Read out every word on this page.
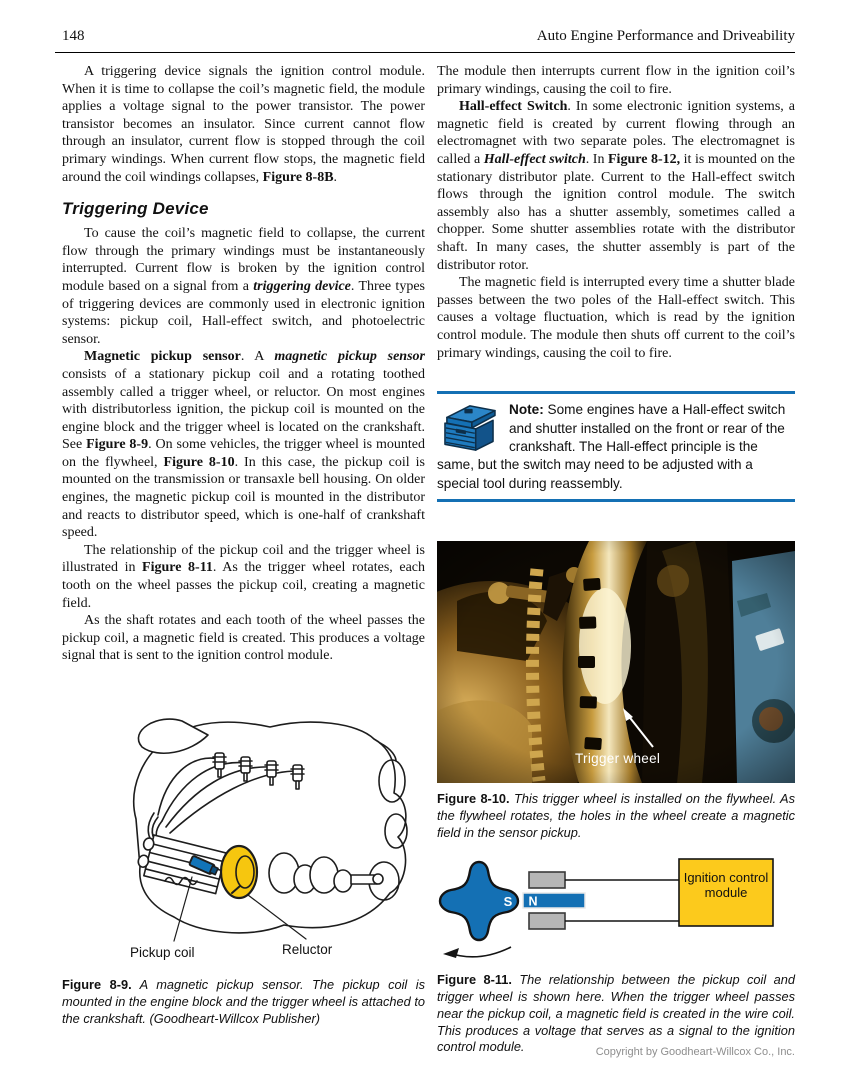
148	Auto Engine Performance and Driveability

A triggering device signals the ignition control module. When it is time to collapse the coil’s magnetic field, the module applies a voltage signal to the power transistor. The power transistor becomes an insulator. Since current cannot flow through an insulator, current flow is stopped through the coil primary windings. When current flow stops, the magnetic field around the coil windings collapses, Figure 8-8B.

Triggering Device

To cause the coil’s magnetic field to collapse, the current flow through the primary windings must be instantaneously interrupted. Current flow is broken by the ignition control module based on a signal from a triggering device. Three types of triggering devices are commonly used in electronic ignition systems: pickup coil, Hall-effect switch, and photoelectric sensor.

Magnetic pickup sensor. A magnetic pickup sensor consists of a stationary pickup coil and a rotating toothed assembly called a trigger wheel, or reluctor. On most engines with distributorless ignition, the pickup coil is mounted on the engine block and the trigger wheel is located on the crankshaft. See Figure 8-9. On some vehicles, the trigger wheel is mounted on the flywheel, Figure 8-10. In this case, the pickup coil is mounted on the transmission or transaxle bell housing. On older engines, the magnetic pickup coil is mounted in the distributor and reacts to distributor speed, which is one-half of crankshaft speed.

The relationship of the pickup coil and the trigger wheel is illustrated in Figure 8-11. As the trigger wheel rotates, each tooth on the wheel passes the pickup coil, creating a magnetic field.

As the shaft rotates and each tooth of the wheel passes the pickup coil, a magnetic field is created. This produces a voltage signal that is sent to the ignition control module.

Pickup coil	Reluctor
Figure 8-9. A magnetic pickup sensor. The pickup coil is mounted in the engine block and the trigger wheel is attached to the crankshaft. (Goodheart-Willcox Publisher)

The module then interrupts current flow in the ignition coil’s primary windings, causing the coil to fire.

Hall-effect Switch. In some electronic ignition systems, a magnetic field is created by current flowing through an electromagnet with two separate poles. The electromagnet is called a Hall-effect switch. In Figure 8-12, it is mounted on the stationary distributor plate. Current to the Hall-effect switch flows through the ignition control module. The switch assembly also has a shutter assembly, sometimes called a chopper. Some shutter assemblies rotate with the distributor shaft. In many cases, the shutter assembly is part of the distributor rotor.

The magnetic field is interrupted every time a shutter blade passes between the two poles of the Hall-effect switch. This causes a voltage fluctuation, which is read by the ignition control module. The module then shuts off current to the coil’s primary windings, causing the coil to fire.

Note: Some engines have a Hall-effect switch and shutter installed on the front or rear of the crankshaft. The Hall-effect principle is the same, but the switch may need to be adjusted with a special tool during reassembly.
Trigger wheel
Figure 8-10. This trigger wheel is installed on the flywheel. As the flywheel rotates, the holes in the wheel create a magnetic field in the sensor pickup.
S N
Ignition control module
Figure 8-11. The relationship between the pickup coil and trigger wheel is shown here. When the trigger wheel passes near the pickup coil, a magnetic field is created in the wire coil. This produces a voltage that serves as a signal to the ignition control module.	Copyright by Goodheart-Willcox Co., Inc.
